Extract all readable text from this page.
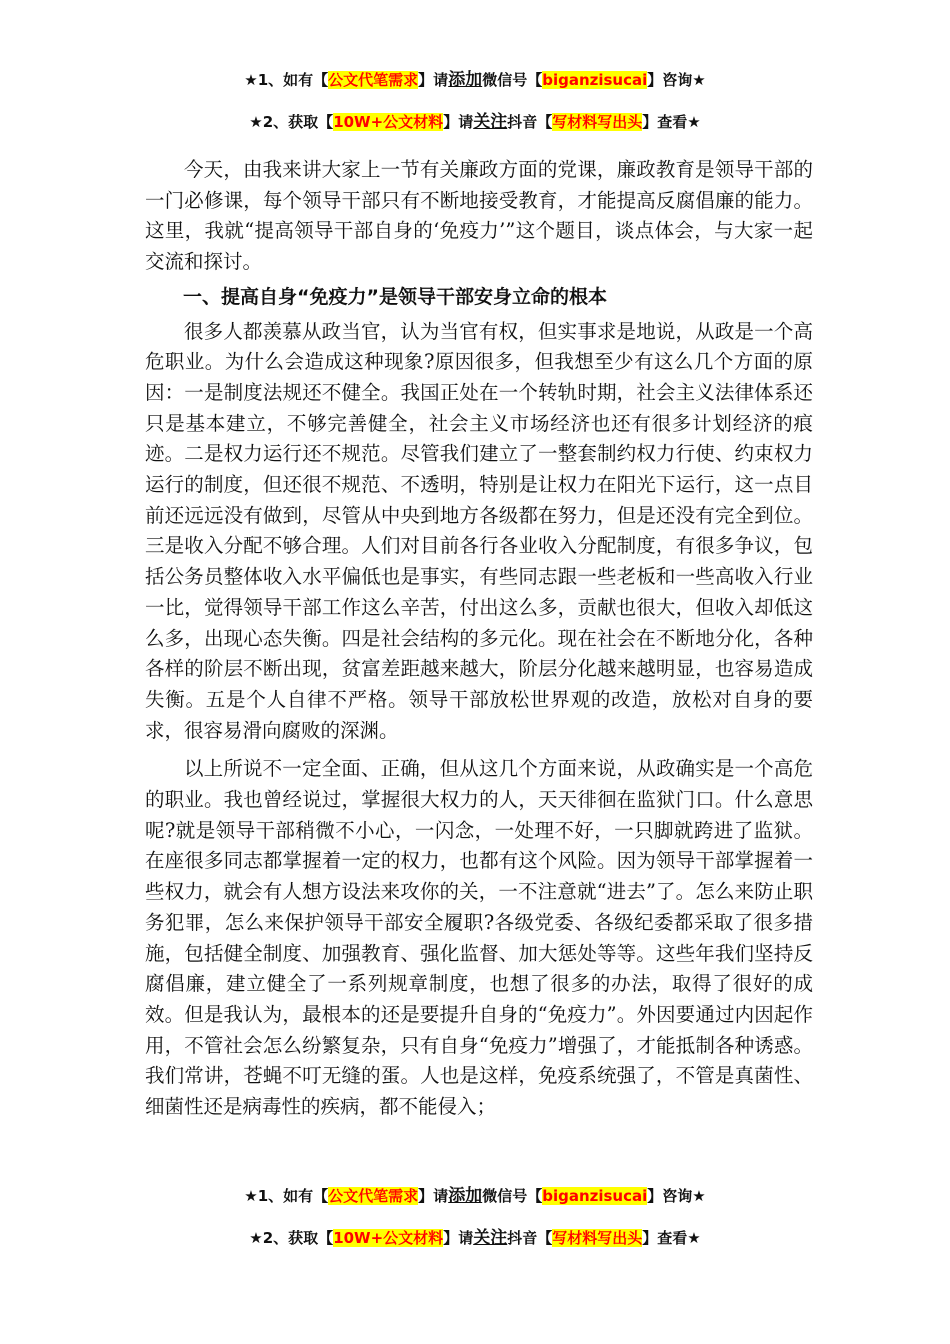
★1、如有【公文代笔需求】请添加微信号【biganzisucai】咨询★
★2、获取【10W+公文材料】请关注抖音【写材料写出头】查看★

今天，由我来讲大家上一节有关廉政方面的党课，廉政教育是领导干部的一门必修课，每个领导干部只有不断地接受教育，才能提高反腐倡廉的能力。这里，我就“提高领导干部自身的‘免疫力’”这个题目，谈点体会，与大家一起交流和探讨。

一、提高自身“免疫力”是领导干部安身立命的根本

很多人都羡慕从政当官，认为当官有权，但实事求是地说，从政是一个高危职业。为什么会造成这种现象?原因很多，但我想至少有这么几个方面的原因：一是制度法规还不健全。我国正处在一个转轨时期，社会主义法律体系还只是基本建立，不够完善健全，社会主义市场经济也还有很多计划经济的痕迹。二是权力运行还不规范。尽管我们建立了一整套制约权力行使、约束权力运行的制度，但还很不规范、不透明，特别是让权力在阳光下运行，这一点目前还远远没有做到，尽管从中央到地方各级都在努力，但是还没有完全到位。三是收入分配不够合理。人们对目前各行各业收入分配制度，有很多争议，包括公务员整体收入水平偏低也是事实，有些同志跟一些老板和一些高收入行业一比，觉得领导干部工作这么辛苦，付出这么多，贡献也很大，但收入却低这么多，出现心态失衡。四是社会结构的多元化。现在社会在不断地分化，各种各样的阶层不断出现，贫富差距越来越大，阶层分化越来越明显，也容易造成失衡。五是个人自律不严格。领导干部放松世界观的改造，放松对自身的要求，很容易滑向腐败的深渊。

以上所说不一定全面、正确，但从这几个方面来说，从政确实是一个高危的职业。我也曾经说过，掌握很大权力的人，天天徘徊在监狱门口。什么意思呢?就是领导干部稍微不小心，一闪念，一处理不好，一只脚就跨进了监狱。在座很多同志都掌握着一定的权力，也都有这个风险。因为领导干部掌握着一些权力，就会有人想方设法来攻你的关，一不注意就“进去”了。怎么来防止职务犯罪，怎么来保护领导干部安全履职?各级党委、各级纪委都采取了很多措施，包括健全制度、加强教育、强化监督、加大惩处等等。这些年我们坚持反腐倡廉，建立健全了一系列规章制度，也想了很多的办法，取得了很好的成效。但是我认为，最根本的还是要提升自身的“免疫力”。外因要通过内因起作用，不管社会怎么纷繁复杂，只有自身“免疫力”增强了，才能抵制各种诱惑。我们常讲，苍蝇不叮无缝的蛋。人也是这样，免疫系统强了，不管是真菌性、细菌性还是病毒性的疾病，都不能侵入；

★1、如有【公文代笔需求】请添加微信号【biganzisucai】咨询★
★2、获取【10W+公文材料】请关注抖音【写材料写出头】查看★
